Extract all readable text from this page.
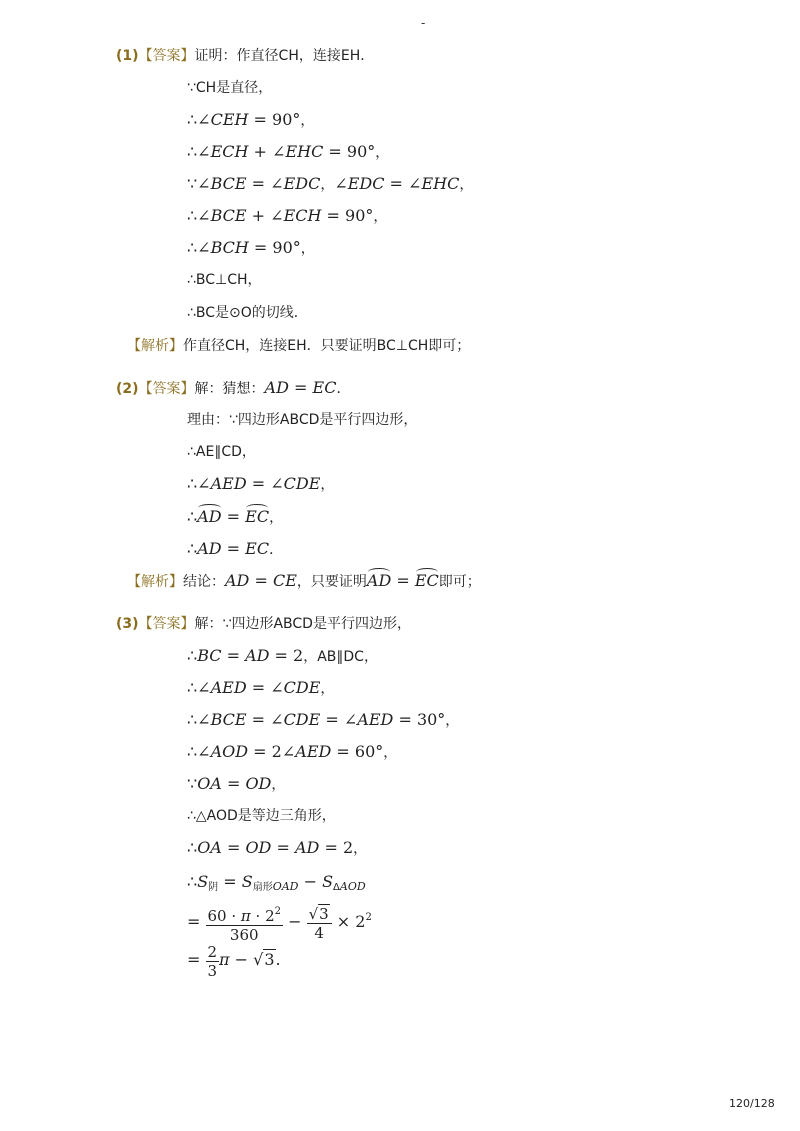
-
(1)【答案】证明：作直径CH，连接EH．
∵CH是直径，
∴∠CEH = 90°，
∴∠ECH + ∠EHC = 90°，
∵∠BCE = ∠EDC，∠EDC = ∠EHC，
∴∠BCE + ∠ECH = 90°，
∴∠BCH = 90°，
∴BC⊥CH，
∴BC是⊙O的切线．
【解析】作直径CH，连接EH．只要证明BC⊥CH即可；
(2)【答案】解：猜想：AD = EC．
理由：∵四边形ABCD是平行四边形，
∴AE∥CD，
∴∠AED = ∠CDE，
∴AD = EC，
∴AD = EC．
【解析】结论：AD = CE，只要证明AD = EC即可；
(3)【答案】解：∵四边形ABCD是平行四边形，
∴BC = AD = 2，AB∥DC，
∴∠AED = ∠CDE，
∴∠BCE = ∠CDE = ∠AED = 30°，
∴∠AOD = 2∠AED = 60°，
∵OA = OD，
∴△AOD是等边三角形，
∴OA = OD = AD = 2，
$\therefore S_阴 = S_{扇形OAD} - S_{\Delta AOD}$
= $\frac{60 \cdot \pi \cdot 2^2}{360} - \frac{√3}{4} \times 2^2$
= $\frac{2}{3}$ π − √3.
120/128
